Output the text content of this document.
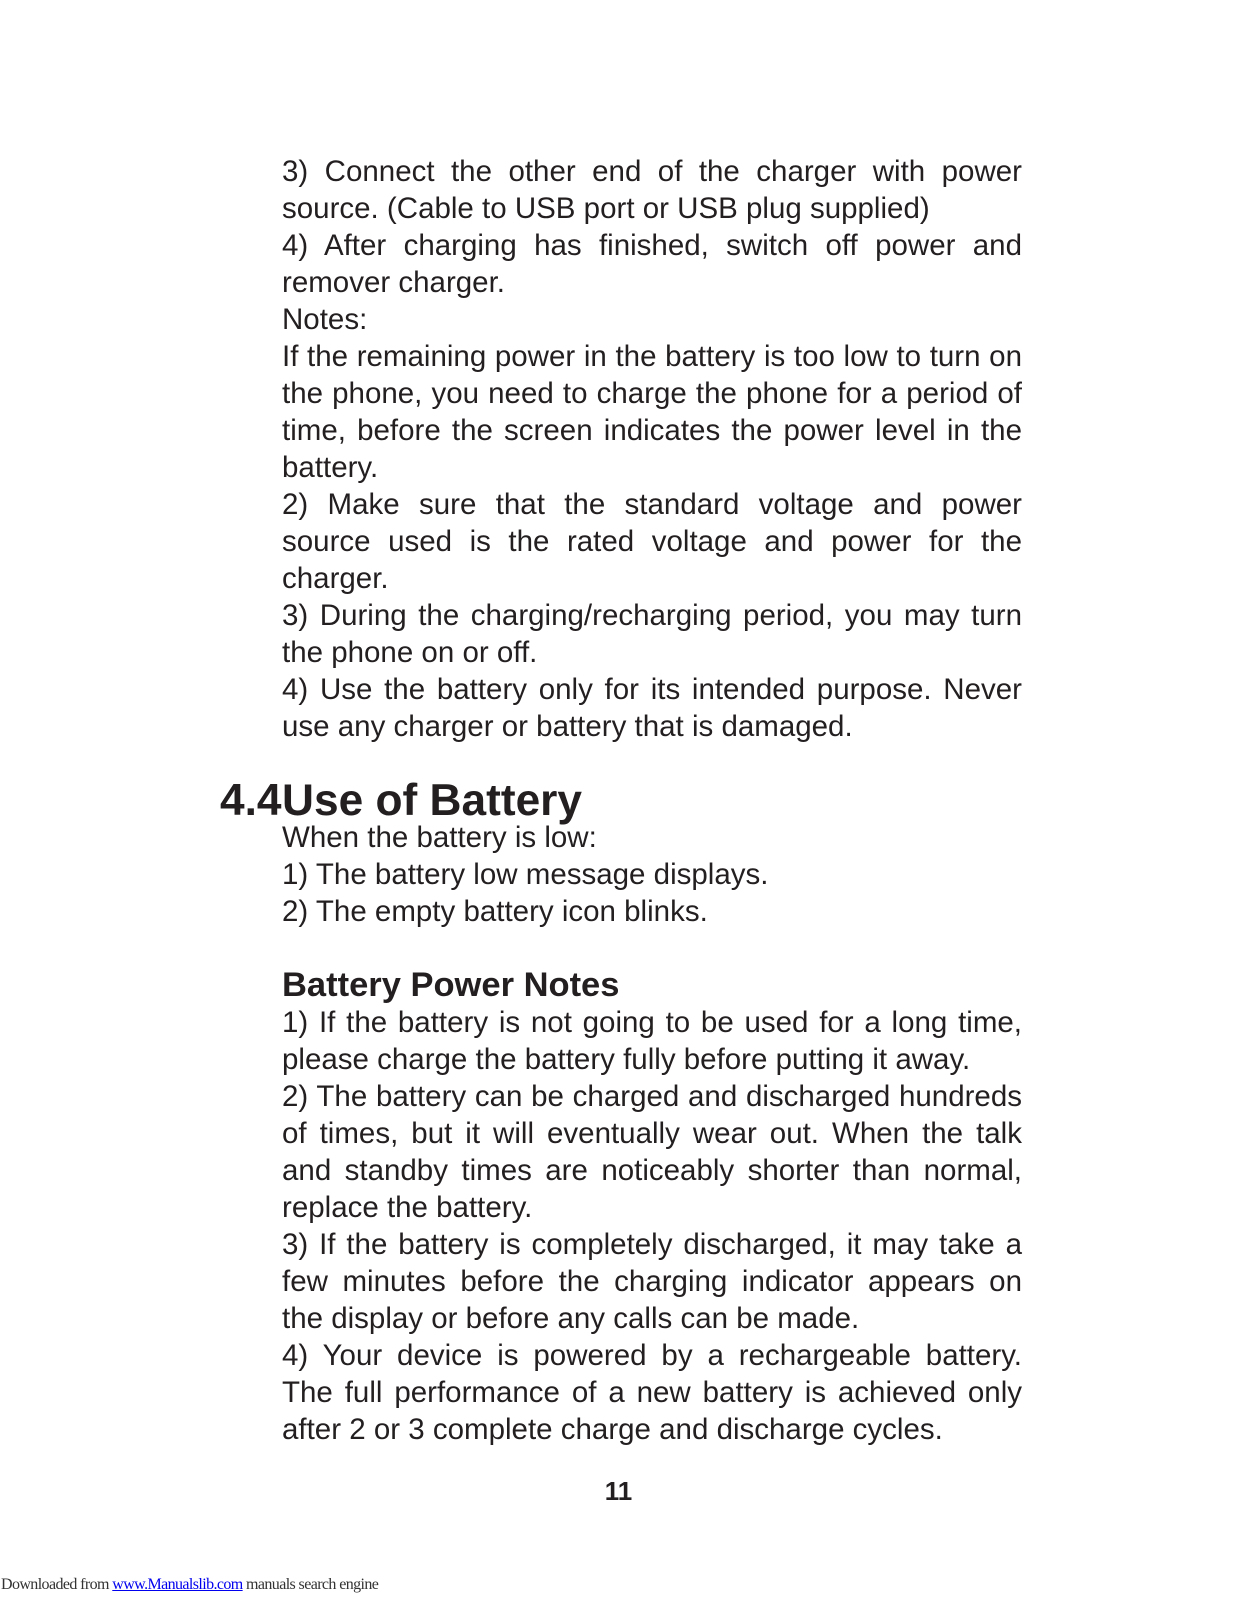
3) Connect the other end of the charger with power source. (Cable to USB port or USB plug supplied)

4) After charging has finished, switch off power and remover charger.

Notes:

If the remaining power in the battery is too low to turn on the phone, you need to charge the phone for a period of time, before the screen indicates the power level in the battery.

2) Make sure that the standard voltage and power source used is the rated voltage and power for the charger.

3) During the charging/recharging period, you may turn the phone on or off.

4) Use the battery only for its intended purpose. Never use any charger or battery that is damaged.

4.4Use of Battery

When the battery is low:

1) The battery low message displays.

2) The empty battery icon blinks.

Battery Power Notes

1) If the battery is not going to be used for a long time, please charge the battery fully before putting it away.

2) The battery can be charged and discharged hundreds of times, but it will eventually wear out. When the talk and standby times are noticeably shorter than normal, replace the battery.

3) If the battery is completely discharged, it may take a few minutes before the charging indicator appears on the display or before any calls can be made.

4) Your device is powered by a rechargeable battery. The full performance of a new battery is achieved only after 2 or 3 complete charge and discharge cycles.

11
Downloaded from www.Manualslib.com manuals search engine
